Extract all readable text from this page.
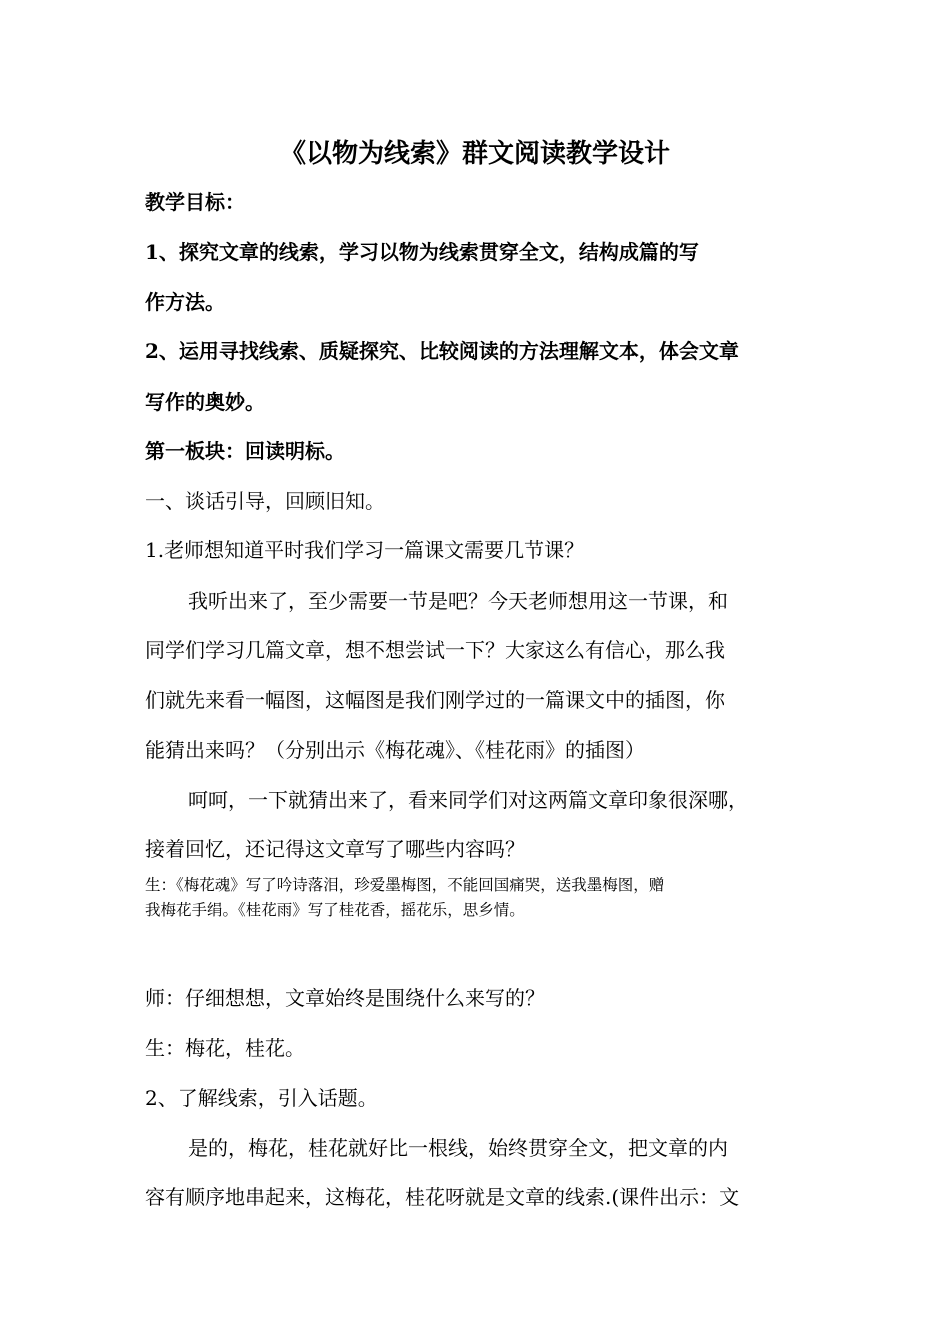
《以物为线索》群文阅读教学设计
教学目标：
1、探究文章的线索，学习以物为线索贯穿全文，结构成篇的写
作方法。
2、运用寻找线索、质疑探究、比较阅读的方法理解文本，体会文章
写作的奥妙。
第一板块：回读明标。
一、谈话引导，回顾旧知。
1.老师想知道平时我们学习一篇课文需要几节课？
我听出来了，至少需要一节是吧？今天老师想用这一节课，和
同学们学习几篇文章，想不想尝试一下？大家这么有信心，那么我
们就先来看一幅图，这幅图是我们刚学过的一篇课文中的插图，你
能猜出来吗？（分别出示《梅花魂》、《桂花雨》的插图）
呵呵，一下就猜出来了，看来同学们对这两篇文章印象很深哪，
接着回忆，还记得这文章写了哪些内容吗？
生：《梅花魂》写了吟诗落泪，珍爱墨梅图，不能回国痛哭，送我墨梅图，赠
我梅花手绢。《桂花雨》写了桂花香，摇花乐，思乡情。
师：仔细想想，文章始终是围绕什么来写的？
生：梅花，桂花。
2、了解线索，引入话题。
是的，梅花，桂花就好比一根线，始终贯穿全文，把文章的内
容有顺序地串起来，这梅花，桂花呀就是文章的线索.(课件出示：文
